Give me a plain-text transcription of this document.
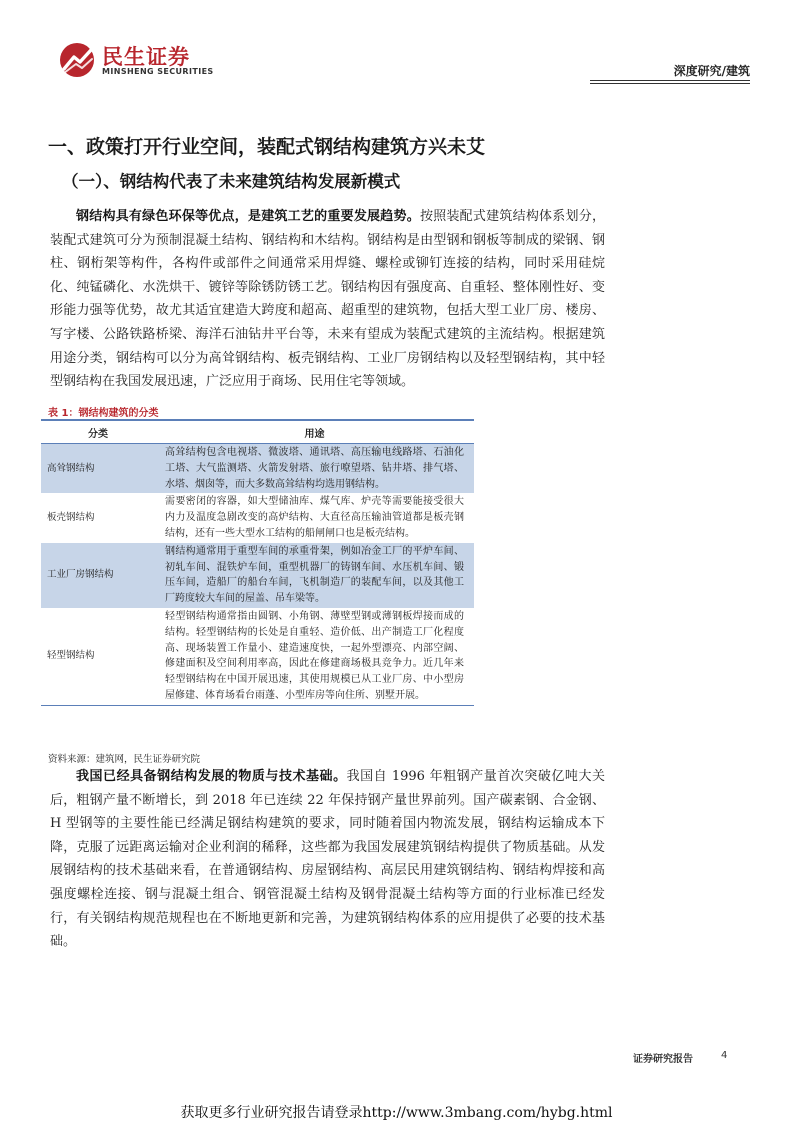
民生证券
MINSHENG SECURITIES	深度研究/建筑
一、政策打开行业空间，装配式钢结构建筑方兴未艾
（一）、钢结构代表了未来建筑结构发展新模式
钢结构具有绿色环保等优点，是建筑工艺的重要发展趋势。按照装配式建筑结构体系划分，装配式建筑可分为预制混凝土结构、钢结构和木结构。钢结构是由型钢和钢板等制成的梁钢、钢柱、钢桁架等构件，各构件或部件之间通常采用焊缝、螺栓或铆钉连接的结构，同时采用硅烷化、纯锰磷化、水洗烘干、镀锌等除锈防锈工艺。钢结构因有强度高、自重轻、整体刚性好、变形能力强等优势，故尤其适宜建造大跨度和超高、超重型的建筑物，包括大型工业厂房、楼房、写字楼、公路铁路桥梁、海洋石油钻井平台等，未来有望成为装配式建筑的主流结构。根据建筑用途分类，钢结构可以分为高耸钢结构、板壳钢结构、工业厂房钢结构以及轻型钢结构，其中轻型钢结构在我国发展迅速，广泛应用于商场、民用住宅等领域。
表 1：钢结构建筑的分类
分类	用途
高耸钢结构	高耸结构包含电视塔、微波塔、通讯塔、高压输电线路塔、石油化工塔、大气监测塔、火箭发射塔、旅行嘹望塔、钻井塔、排气塔、水塔、烟囱等，而大多数高耸结构均选用钢结构。
板壳钢结构	需要密闭的容器，如大型储油库、煤气库、炉壳等需要能接受很大内力及温度急剧改变的高炉结构、大直径高压输油管道都是板壳钢结构，还有一些大型水工结构的船闸闸口也是板壳结构。
工业厂房钢结构	钢结构通常用于重型车间的承重骨架，例如冶金工厂的平炉车间、初轧车间、混铁炉车间，重型机器厂的铸钢车间、水压机车间、锻压车间，造船厂的船台车间，飞机制造厂的装配车间，以及其他工厂跨度较大车间的屋盖、吊车梁等。
轻型钢结构	轻型钢结构通常指由圆钢、小角钢、薄壁型钢或薄钢板焊接而成的结构。轻型钢结构的长处是自重轻、造价低、出产制造工厂化程度高、现场装置工作量小、建造速度快，一起外型漂亮、内部空阔、修建面积及空间利用率高，因此在修建商场极具竞争力。近几年来轻型钢结构在中国开展迅速，其使用规模已从工业厂房、中小型房屋修建、体育场看台雨蓬、小型库房等向住所、别墅开展。
资料来源：建筑网，民生证券研究院
我国已经具备钢结构发展的物质与技术基础。我国自 1996 年粗钢产量首次突破亿吨大关后，粗钢产量不断增长，到 2018 年已连续 22 年保持钢产量世界前列。国产碳素钢、合金钢、H 型钢等的主要性能已经满足钢结构建筑的要求，同时随着国内物流发展，钢结构运输成本下降，克服了远距离运输对企业利润的稀释，这些都为我国发展建筑钢结构提供了物质基础。从发展钢结构的技术基础来看，在普通钢结构、房屋钢结构、高层民用建筑钢结构、钢结构焊接和高强度螺栓连接、钢与混凝土组合、钢管混凝土结构及钢骨混凝土结构等方面的行业标准已经发行，有关钢结构规范规程也在不断地更新和完善，为建筑钢结构体系的应用提供了必要的技术基础。
证券研究报告	4
获取更多行业研究报告请登录http://www.3mbang.com/hybg.html
